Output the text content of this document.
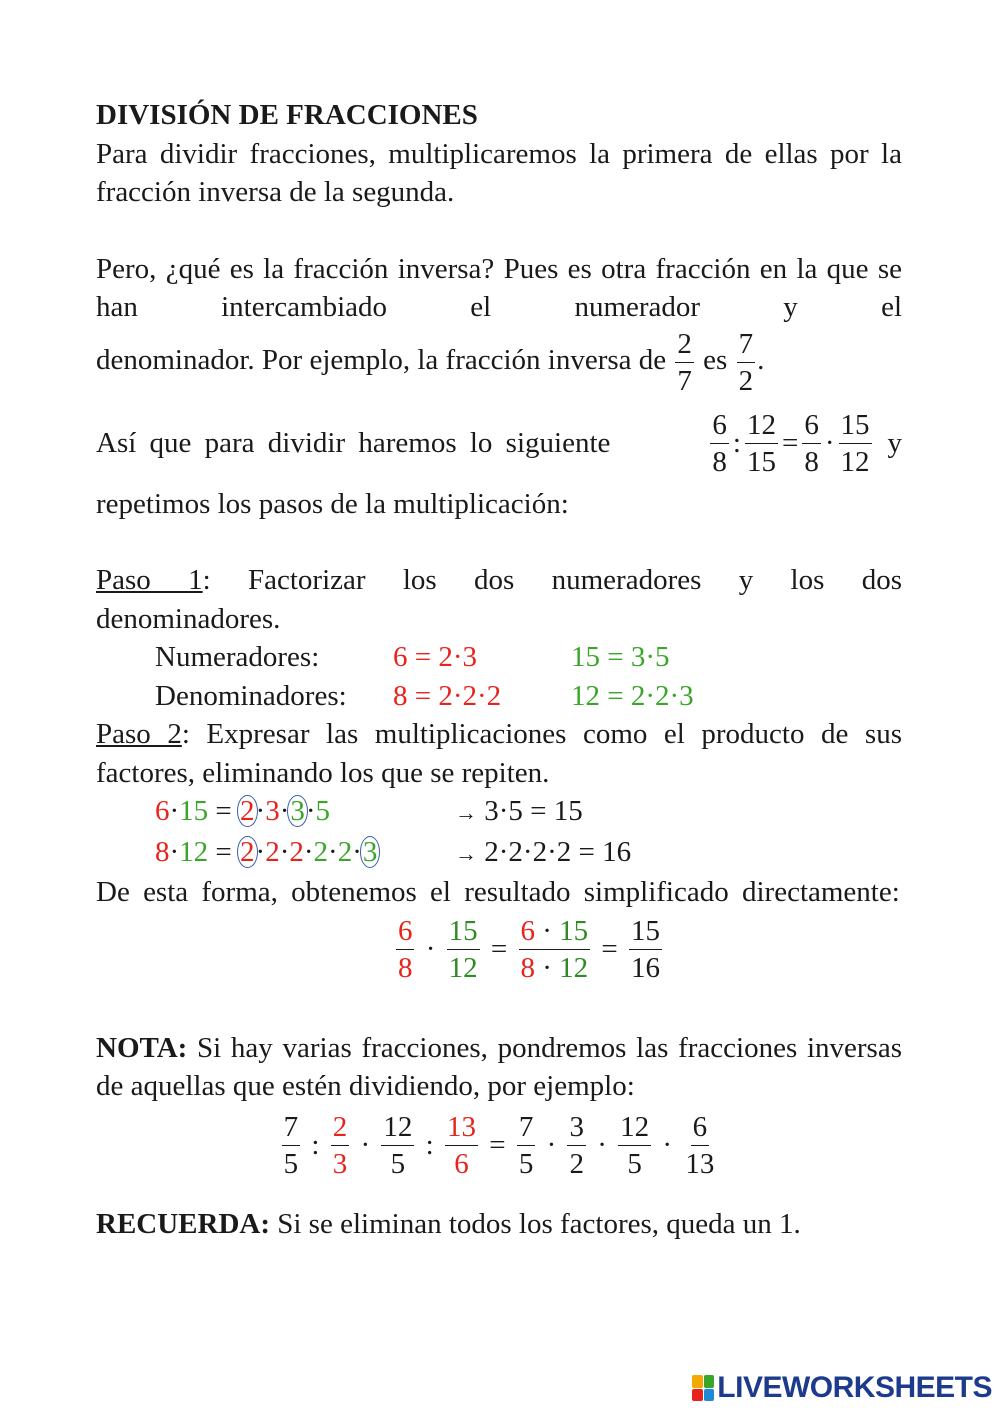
DIVISIÓN DE FRACCIONES

Para dividir fracciones, multiplicaremos la primera de ellas por la fracción inversa de la segunda.

Pero, ¿qué es la fracción inversa? Pues es otra fracción en la que se han intercambiado el numerador y el

denominador. Por ejemplo, la fracción inversa de $\frac{2}{7}$ es $\frac{7}{2}$ .

Así que para dividir haremos lo siguiente	$\frac{6}{8}$ : $\frac{12}{15} = \frac{6}{8} \cdot \frac{15}{12}$ y

repetimos los pasos de la multiplicación:

Paso 1: Factorizar los dos numeradores y los dos denominadores.

Numeradores:	6 = 2·3	15 = 3·5
Denominadores: 8 = 2·2·2 12 = 2·2·3

Paso 2: Expresar las multiplicaciones como el producto de sus factores, eliminando los que se repiten.

6·15 = 2·3·3·5	→ 3·5 = 15
8·12 = 2·2·2·2·2·3	→ 2·2·2·2 = 16

De esta forma, obtenemos el resultado simplificado directamente:

$\frac{6}{8} \cdot \frac{15}{12} = \frac{6 \cdot 15}{8 \cdot 12} = \frac{15}{16}$

NOTA: Si hay varias fracciones, pondremos las fracciones inversas de aquellas que estén dividiendo, por ejemplo:

$\frac{7}{5}$ : $\frac{2}{3} \cdot \frac{12}{5}$ : $\frac{13}{6} = \frac{7}{5} \cdot \frac{3}{2} \cdot \frac{12}{5} \cdot \frac{6}{13}$

RECUERDA: Si se eliminan todos los factores, queda un 1.

LIVEWORKSHEETS
